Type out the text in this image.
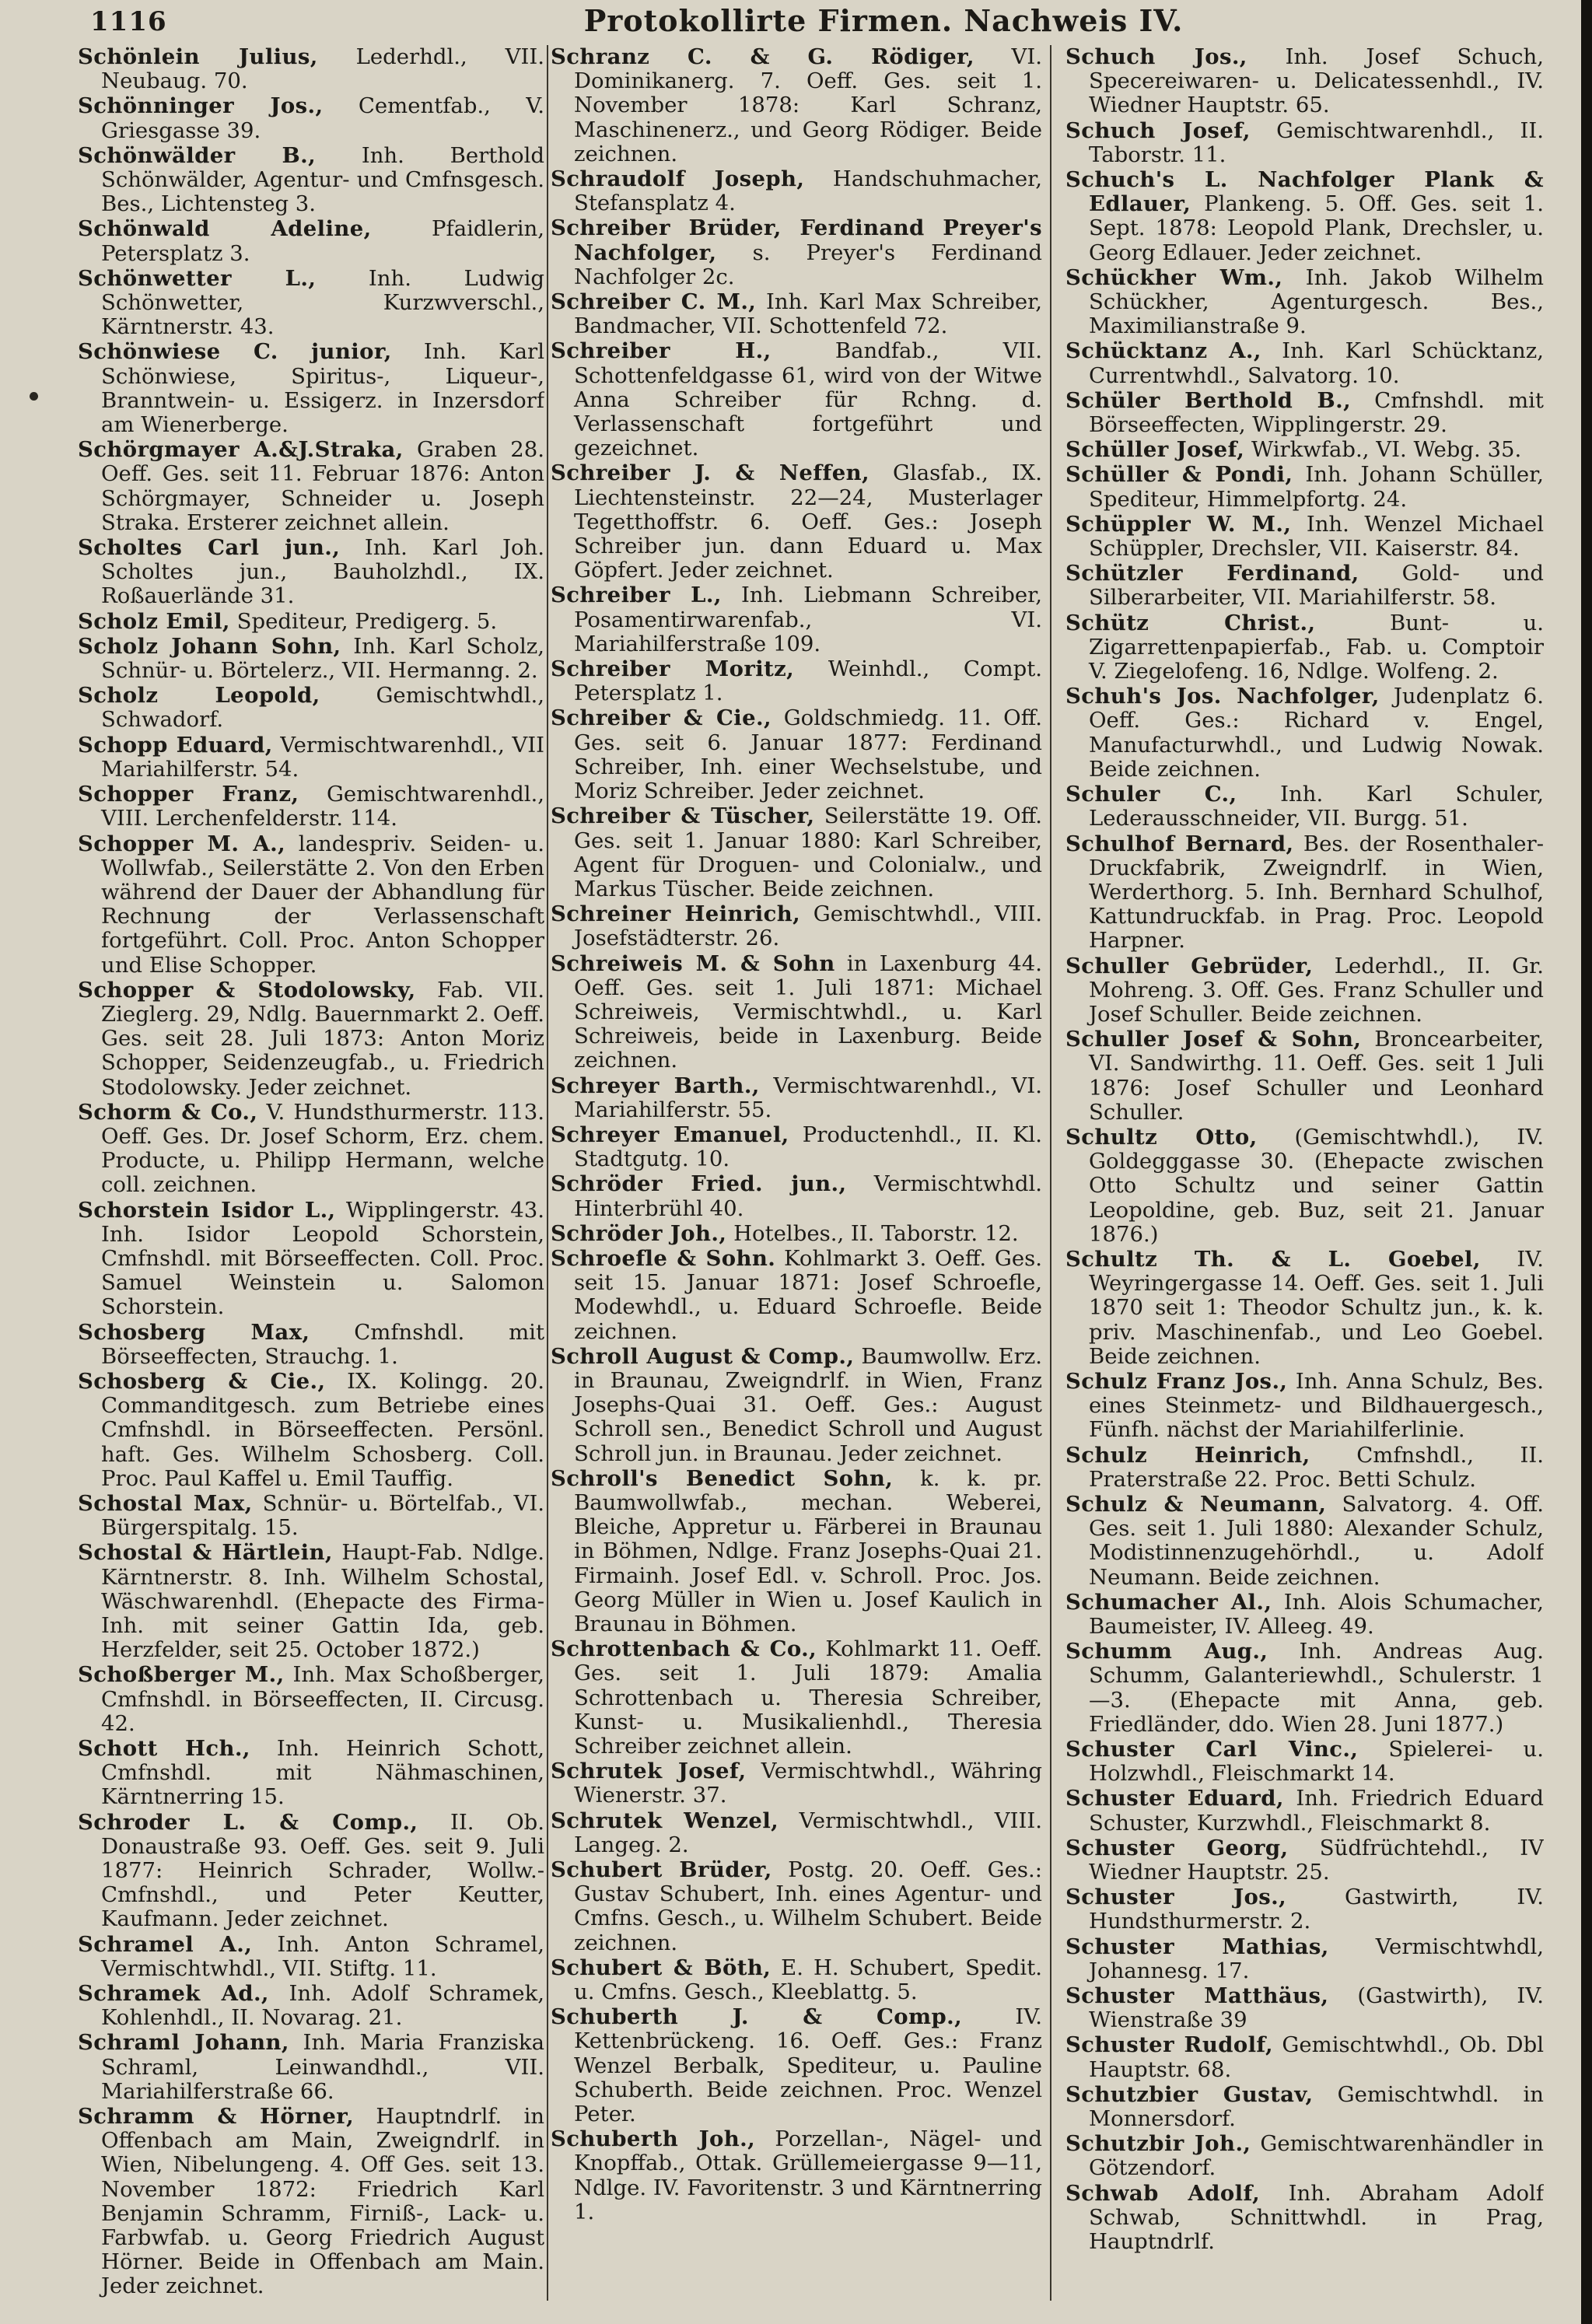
1116	Protokollirte Firmen. Nachweis IV.

Schönlein Julius, Lederhdl., VII. Neubaug. 70.

Schönninger Jos., Cementfab., V. Griesgasse 39.

Schönwälder B., Inh. Berthold Schönwälder, Agentur- und Cmfnsgesch. Bes., Lichtensteg 3.

Schönwald Adeline,	Pfaidlerin, Petersplatz 3.

Schönwetter L., Inh. Ludwig Schönwetter, Kurzwverschl., Kärntnerstr. 43.

Schönwiese C. junior, Inh. Karl Schönwiese, Spiritus-, Liqueur-, Branntwein- u. Essigerz. in Inzersdorf am Wienerberge.

Schörgmayer A.&J.Straka, Graben 28. Oeff. Ges. seit 11. Februar 1876: Anton Schörgmayer, Schneider u. Joseph Straka. Ersterer zeichnet allein.

Scholtes Carl jun., Inh. Karl Joh. Scholtes jun., Bauholzhdl., IX. Roßauerlände 31.

Scholz Emil, Spediteur, Predigerg. 5.

Scholz Johann Sohn, Inh. Karl Scholz, Schnür- u. Börtelerz., VII. Hermanng. 2.

Scholz Leopold,	Gemischtwhdl., Schwadorf.

Schopp Eduard, Vermischtwarenhdl., VII Mariahilferstr. 54.

Schopper Franz, Gemischtwarenhdl., VIII. Lerchenfelderstr. 114.

Schopper M. A., landespriv. Seiden- u. Wollwfab., Seilerstätte 2. Von den Erben während der Dauer der Abhandlung für Rechnung der Verlassenschaft fortgeführt. Coll. Proc. Anton Schopper und Elise Schopper.

Schopper & Stodolowsky, Fab. VII. Zieglerg. 29, Ndlg. Bauernmarkt 2. Oeff. Ges. seit 28. Juli 1873: Anton Moriz Schopper, Seidenzeugfab., u. Friedrich Stodolowsky. Jeder zeichnet.

Schorm & Co., V. Hundsthurmerstr. 113. Oeff. Ges. Dr. Josef Schorm, Erz. chem. Producte, u. Philipp Hermann, welche coll. zeichnen.

Schorstein Isidor L., Wipplingerstr. 43. Inh. Isidor Leopold Schorstein, Cmfnshdl. mit Börseeffecten. Coll. Proc. Samuel Weinstein u. Salomon Schorstein.

Schosberg Max, Cmfnshdl. mit Börseeffecten, Strauchg. 1.

Schosberg & Cie., IX. Kolingg. 20. Commanditgesch. zum Betriebe eines Cmfnshdl. in Börseeffecten. Persönl. haft. Ges. Wilhelm Schosberg. Coll. Proc. Paul Kaffel u. Emil Tauffig.

Schostal Max, Schnür- u. Börtelfab., VI. Bürgerspitalg. 15.

Schostal & Härtlein, Haupt-Fab. Ndlge. Kärntnerstr. 8. Inh. Wilhelm Schostal, Wäschwarenhdl. (Ehepacte des Firma-Inh. mit seiner Gattin Ida, geb. Herzfelder, seit 25. October 1872.)

Schoßberger M., Inh. Max Schoßberger, Cmfnshdl. in Börseeffecten, II. Circusg. 42.

Schott Hch., Inh. Heinrich Schott, Cmfnshdl. mit Nähmaschinen, Kärntnerring 15.

Schroder L. & Comp., II. Ob. Donaustraße 93. Oeff. Ges. seit 9. Juli 1877: Heinrich Schrader, Wollw.-Cmfnshdl., und Peter Keutter, Kaufmann. Jeder zeichnet.

Schramel A., Inh. Anton Schramel, Vermischtwhdl., VII. Stiftg. 11.

Schramek Ad., Inh. Adolf Schramek, Kohlenhdl., II. Novarag. 21.

Schraml Johann, Inh. Maria Franziska Schraml, Leinwandhdl., VII. Mariahilferstraße 66.

Schramm & Hörner, Hauptndrlf. in Offenbach am Main, Zweigndrlf. in Wien, Nibelungeng. 4. Off Ges. seit 13. November 1872: Friedrich Karl Benjamin Schramm, Firniß-, Lack- u. Farbwfab. u. Georg Friedrich August Hörner. Beide in Offenbach am Main. Jeder zeichnet.

Schranz C. & G. Rödiger, VI. Dominikanerg. 7. Oeff. Ges. seit 1. November 1878: Karl Schranz, Maschinenerz., und Georg Rödiger. Beide zeichnen.

Schraudolf Joseph, Handschuhmacher, Stefansplatz 4.

Schreiber Brüder, Ferdinand Preyer's Nachfolger, s. Preyer's Ferdinand Nachfolger 2c.

Schreiber C. M., Inh. Karl Max Schreiber, Bandmacher, VII. Schottenfeld 72.

Schreiber H.,	Bandfab., VII. Schottenfeldgasse 61, wird von der Witwe Anna Schreiber für Rchng. d. Verlassenschaft fortgeführt und gezeichnet.

Schreiber J. & Neffen, Glasfab., IX. Liechtensteinstr. 22—24, Musterlager Tegetthoffstr. 6. Oeff. Ges.: Joseph Schreiber jun. dann Eduard u. Max Göpfert. Jeder zeichnet.

Schreiber L., Inh. Liebmann Schreiber, Posamentirwarenfab., VI. Mariahilferstraße 109.

Schreiber Moritz, Weinhdl., Compt. Petersplatz 1.

Schreiber & Cie., Goldschmiedg. 11. Off. Ges. seit 6. Januar 1877: Ferdinand Schreiber, Inh. einer Wechselstube, und Moriz Schreiber. Jeder zeichnet.

Schreiber & Tüscher, Seilerstätte 19. Off. Ges. seit 1. Januar 1880: Karl Schreiber, Agent für Droguen- und Colonialw., und Markus Tüscher. Beide zeichnen.

Schreiner Heinrich, Gemischtwhdl., VIII. Josefstädterstr. 26.

Schreiweis M. & Sohn in Laxenburg 44. Oeff. Ges. seit 1. Juli 1871: Michael Schreiweis, Vermischtwhdl., u. Karl Schreiweis, beide in Laxenburg. Beide zeichnen.

Schreyer Barth., Vermischtwarenhdl., VI. Mariahilferstr. 55.

Schreyer Emanuel, Productenhdl., II. Kl. Stadtgutg. 10.

Schröder Fried. jun., Vermischtwhdl. Hinterbrühl 40.

Schröder Joh., Hotelbes., II. Taborstr. 12.

Schroefle & Sohn. Kohlmarkt 3. Oeff. Ges. seit 15. Januar 1871: Josef Schroefle, Modewhdl., u. Eduard Schroefle. Beide zeichnen.

Schroll August & Comp., Baumwollw. Erz. in Braunau, Zweigndrlf. in Wien, Franz Josephs-Quai 31. Oeff. Ges.: August Schroll sen., Benedict Schroll und August Schroll jun. in Braunau. Jeder zeichnet.

Schroll's Benedict Sohn, k. k. pr. Baumwollwfab., mechan. Weberei, Bleiche, Appretur u. Färberei in Braunau in Böhmen, Ndlge. Franz Josephs-Quai 21. Firmainh. Josef Edl. v. Schroll. Proc. Jos. Georg Müller in Wien u. Josef Kaulich in Braunau in Böhmen.

Schrottenbach & Co., Kohlmarkt 11. Oeff. Ges. seit 1. Juli 1879: Amalia Schrottenbach u. Theresia Schreiber, Kunst- u. Musikalienhdl., Theresia Schreiber zeichnet allein.

Schrutek Josef, Vermischtwhdl., Währing Wienerstr. 37.

Schrutek Wenzel, Vermischtwhdl., VIII. Langeg. 2.

Schubert Brüder, Postg. 20. Oeff. Ges.: Gustav Schubert, Inh. eines Agentur- und Cmfns. Gesch., u. Wilhelm Schubert. Beide zeichnen.

Schubert & Böth, E. H. Schubert, Spedit. u. Cmfns. Gesch., Kleeblattg. 5.

Schuberth J. & Comp., IV. Kettenbrückeng. 16. Oeff. Ges.: Franz Wenzel Berbalk, Spediteur, u. Pauline Schuberth. Beide zeichnen. Proc. Wenzel Peter.

Schuberth Joh., Porzellan-, Nägel- und Knopffab., Ottak. Grüllemeiergasse 9—11, Ndlge. IV. Favoritenstr. 3 und Kärntnerring 1.

Schuch Jos., Inh. Josef Schuch, Specereiwaren- u. Delicatessenhdl., IV. Wiedner Hauptstr. 65.

Schuch Josef, Gemischtwarenhdl., II. Taborstr. 11.

Schuch's L. Nachfolger Plank & Edlauer, Plankeng. 5. Off. Ges. seit 1. Sept. 1878: Leopold Plank, Drechsler, u. Georg Edlauer. Jeder zeichnet.

Schückher Wm., Inh. Jakob Wilhelm Schückher, Agenturgesch. Bes., Maximilianstraße 9.

Schücktanz A., Inh. Karl Schücktanz, Currentwhdl., Salvatorg. 10.

Schüler Berthold B., Cmfnshdl. mit Börseeffecten, Wipplingerstr. 29.

Schüller Josef, Wirkwfab., VI. Webg. 35.

Schüller & Pondi, Inh. Johann Schüller, Spediteur, Himmelpfortg. 24.

Schüppler W. M., Inh. Wenzel Michael Schüppler, Drechsler, VII. Kaiserstr. 84.

Schützler Ferdinand, Gold- und Silberarbeiter, VII. Mariahilferstr. 58.

Schütz Christ.,	Bunt- u. Zigarrettenpapierfab., Fab. u. Comptoir V. Ziegelofeng. 16, Ndlge. Wolfeng. 2.

Schuh's Jos. Nachfolger, Judenplatz 6. Oeff. Ges.: Richard v. Engel, Manufacturwhdl., und Ludwig Nowak. Beide zeichnen.

Schuler C., Inh. Karl Schuler, Lederausschneider, VII. Burgg. 51.

Schulhof Bernard, Bes. der Rosenthaler-Druckfabrik, Zweigndrlf. in Wien, Werderthorg. 5. Inh. Bernhard Schulhof, Kattundruckfab. in Prag. Proc. Leopold Harpner.

Schuller Gebrüder, Lederhdl., II. Gr. Mohreng. 3. Off. Ges. Franz Schuller und Josef Schuller. Beide zeichnen.

Schuller Josef & Sohn, Broncearbeiter, VI. Sandwirthg. 11. Oeff. Ges. seit 1 Juli 1876: Josef Schuller und Leonhard Schuller.

Schultz Otto, (Gemischtwhdl.), IV. Goldegggasse 30. (Ehepacte zwischen Otto Schultz und seiner Gattin Leopoldine, geb. Buz, seit 21. Januar 1876.)

Schultz Th. & L. Goebel, IV. Weyringergasse 14. Oeff. Ges. seit 1. Juli 1870 seit 1: Theodor Schultz jun., k. k. priv. Maschinenfab., und Leo Goebel. Beide zeichnen.

Schulz Franz Jos., Inh. Anna Schulz, Bes. eines Steinmetz- und Bildhauergesch., Fünfh. nächst der Mariahilferlinie.

Schulz Heinrich, Cmfnshdl., II. Praterstraße 22. Proc. Betti Schulz.

Schulz & Neumann, Salvatorg. 4. Off. Ges. seit 1. Juli 1880: Alexander Schulz, Modistinnenzugehörhdl., u. Adolf Neumann. Beide zeichnen.

Schumacher Al., Inh. Alois Schumacher, Baumeister, IV. Alleeg. 49.

Schumm Aug., Inh. Andreas Aug. Schumm, Galanteriewhdl., Schulerstr. 1—3. (Ehepacte mit Anna, geb. Friedländer, ddo. Wien 28. Juni 1877.)

Schuster Carl Vinc., Spielerei- u. Holzwhdl., Fleischmarkt 14.

Schuster Eduard, Inh. Friedrich Eduard Schuster, Kurzwhdl., Fleischmarkt 8.

Schuster Georg, Südfrüchtehdl., IV Wiedner Hauptstr. 25.

Schuster Jos.,	Gastwirth, IV. Hundsthurmerstr. 2.

Schuster Mathias, Vermischtwhdl, Johannesg. 17.

Schuster Matthäus, (Gastwirth), IV. Wienstraße 39

Schuster Rudolf, Gemischtwhdl., Ob. Dbl Hauptstr. 68.

Schutzbier Gustav, Gemischtwhdl. in Monnersdorf.

Schutzbir Joh., Gemischtwarenhändler in Götzendorf.

Schwab Adolf, Inh. Abraham Adolf Schwab, Schnittwhdl. in Prag, Hauptndrlf.
